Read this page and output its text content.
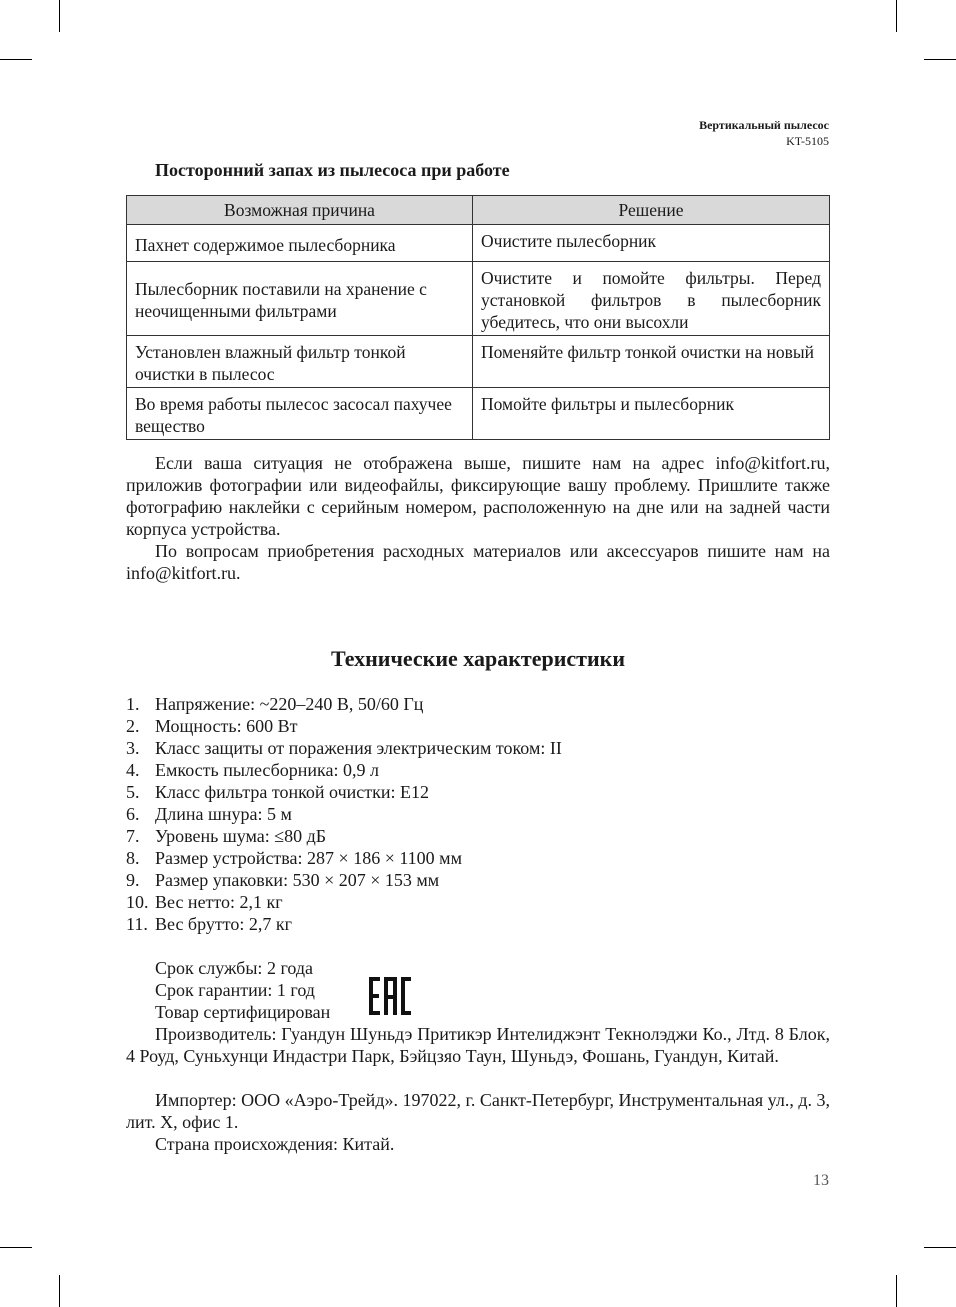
Вертикальный пылесос
KT-5105
Посторонний запах из пылесоса при работе
Возможная причина	Решение
Пахнет содержимое пылесборника	Очистите пылесборник
Пылесборник поставили на хранение с неочищенными фильтрами	Очистите и помойте фильтры. Перед установкой фильтров в пылесборник убедитесь, что они высохли
Установлен влажный фильтр тонкой очистки в пылесос	Поменяйте фильтр тонкой очистки на новый
Во время работы пылесос засосал пахучее вещество	Помойте фильтры и пылесборник
Если ваша ситуация не отображена выше, пишите нам на адрес info@kitfort.ru, приложив фотографии или видеофайлы, фиксирующие вашу проблему. Пришлите также фотографию наклейки с серийным номером, расположенную на дне или на задней части корпуса устройства.
По вопросам приобретения расходных материалов или аксессуаров пишите нам на info@kitfort.ru.
Технические характеристики
1. Напряжение: ~220–240 В, 50/60 Гц
2. Мощность: 600 Вт
3. Класс защиты от поражения электрическим током: II
4. Емкость пылесборника: 0,9 л
5. Класс фильтра тонкой очистки: E12
6. Длина шнура: 5 м
7. Уровень шума: ≤80 дБ
8. Размер устройства: 287 × 186 × 1100 мм
9. Размер упаковки: 530 × 207 × 153 мм
10. Вес нетто: 2,1 кг
11. Вес брутто: 2,7 кг
Срок службы: 2 года
Срок гарантии: 1 год
Товар сертифицирован
Производитель: Гуандун Шуньдэ Притикэр Интелиджэнт Текнолэджи Ко., Лтд. 8 Блок, 4 Роуд, Суньхунци Индастри Парк, Бэйцзяо Таун, Шуньдэ, Фошань, Гуандун, Китай.
Импортер: ООО «Аэро-Трейд». 197022, г. Санкт-Петербург, Инструментальная ул., д. 3, лит. Х, офис 1.
Страна происхождения: Китай.
13
